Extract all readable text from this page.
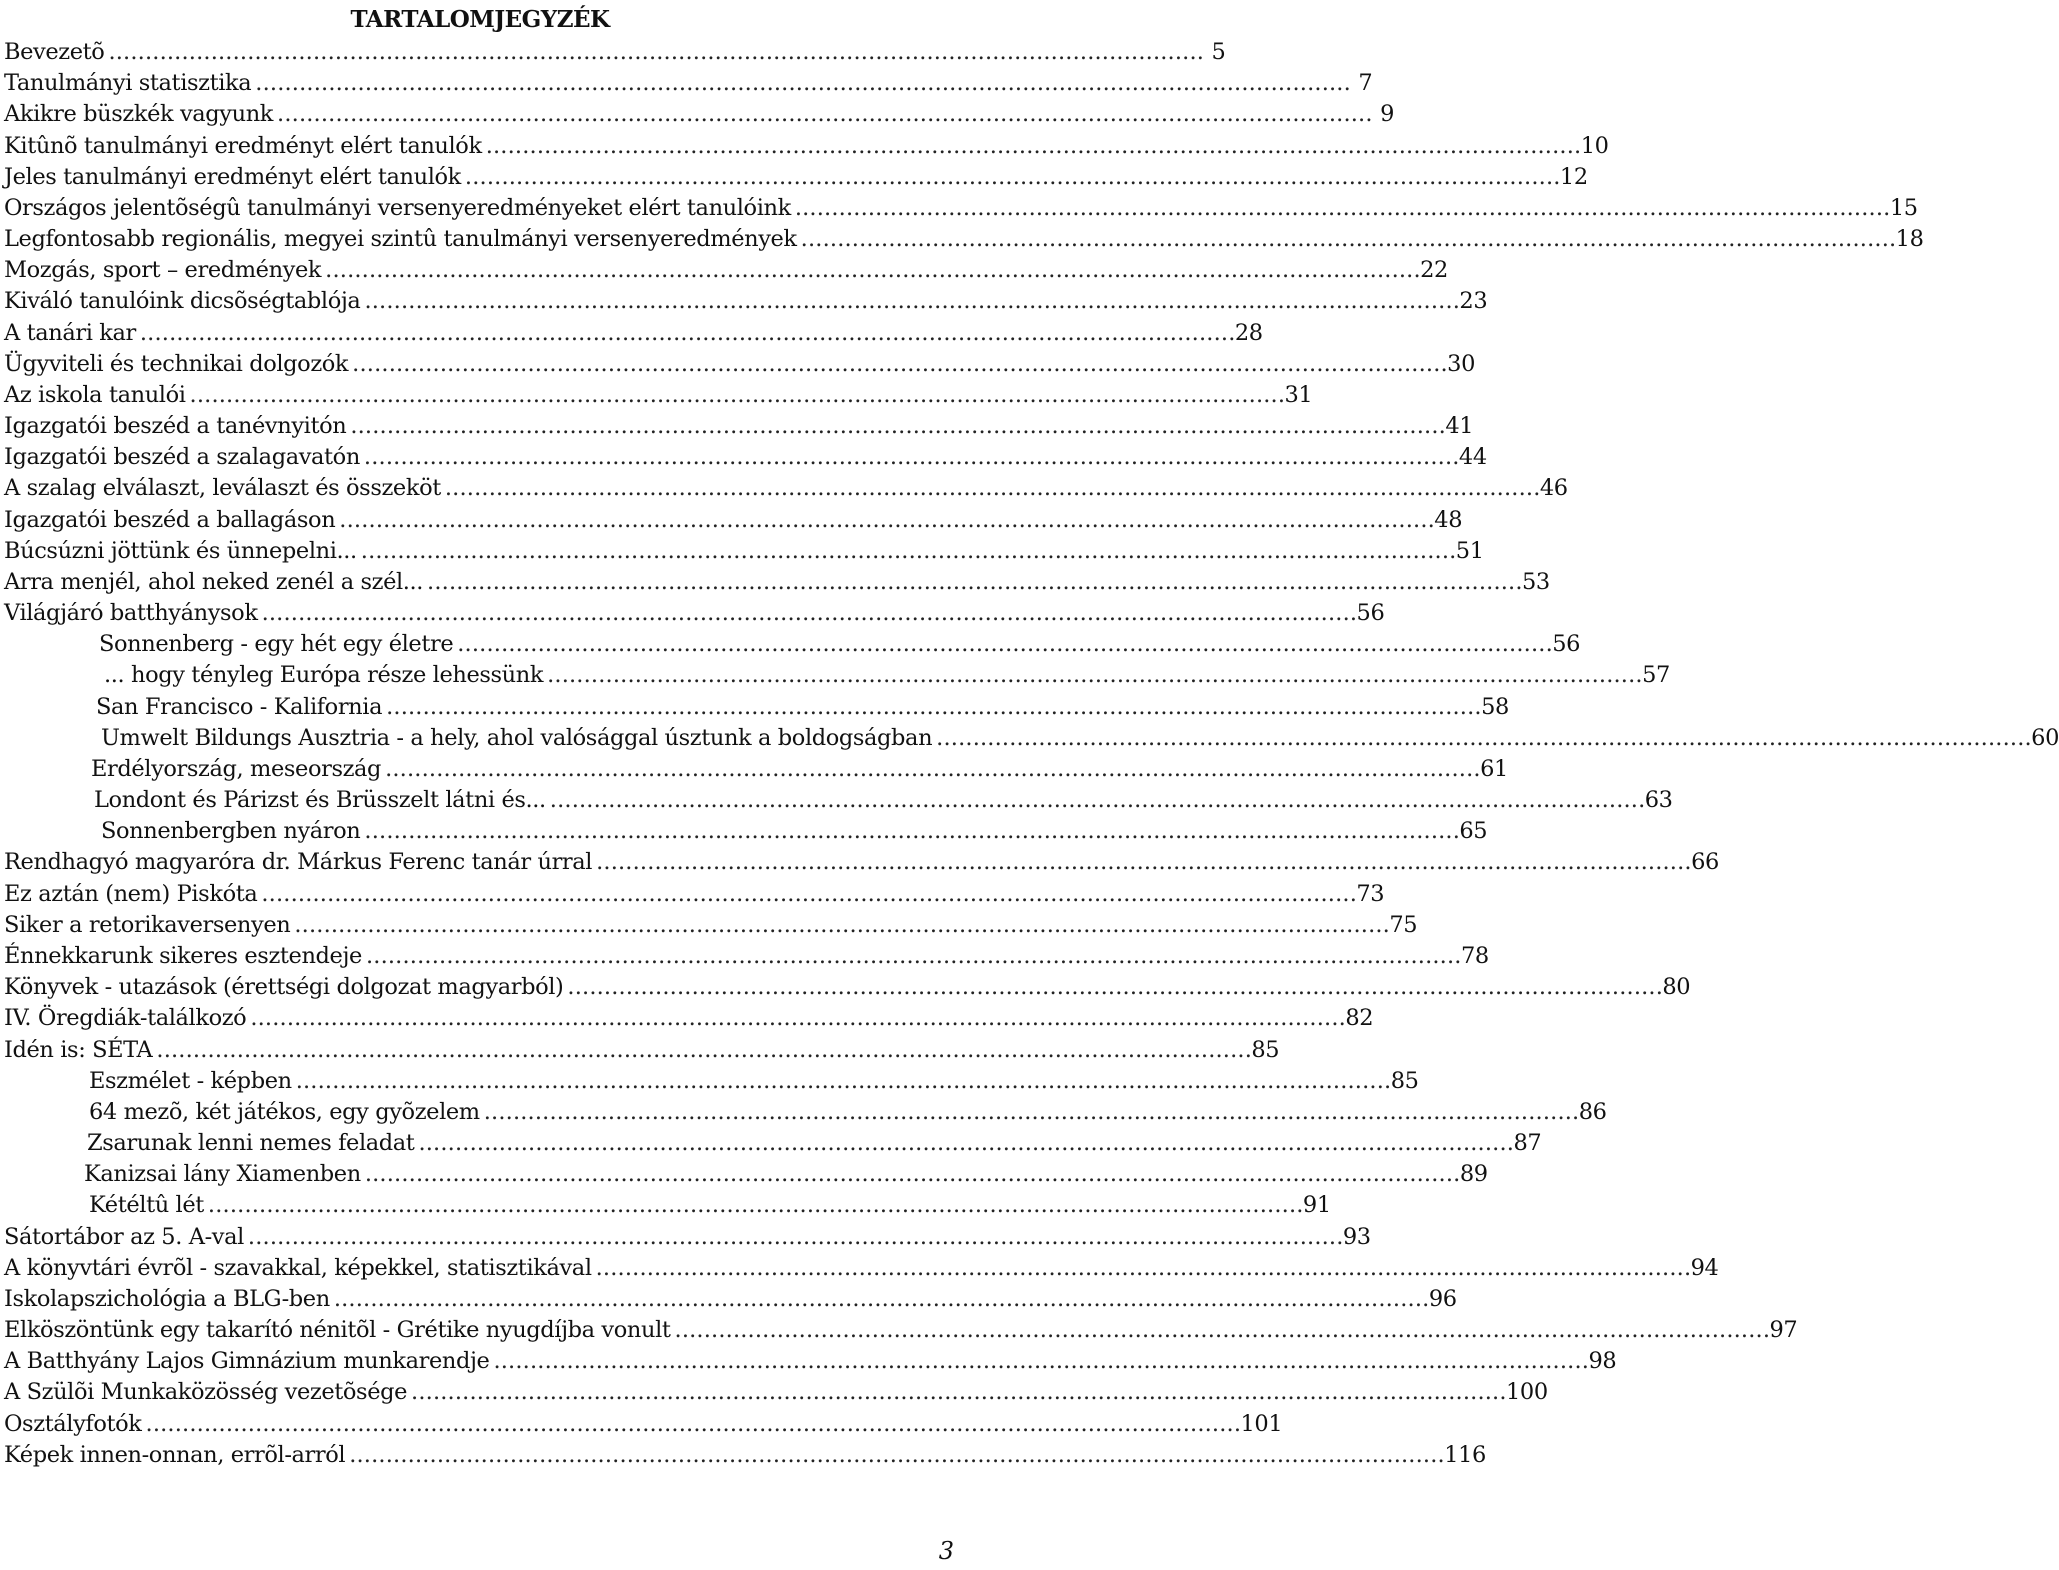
TARTALOMJEGYZÉK
Bevezetõ . . .	5
Tanulmányi statisztika . . .	7
Akikre büszkék vagyunk . . .	9
Kitûnõ tanulmányi eredményt elért tanulók . . .	10
Jeles tanulmányi eredményt elért tanulók . . .	12
Országos jelentõségû tanulmányi versenyeredményeket elért tanulóink . . .	15
Legfontosabb regionális, megyei szintû tanulmányi versenyeredmények . . .	18
Mozgás, sport – eredmények . . .	22
Kiváló tanulóink dicsõségtablója . . .	23
A tanári kar . . .	28
Ügyviteli és technikai dolgozók . . .	30
Az iskola tanulói . . .	31
Igazgatói beszéd a tanévnyitón . . .	41
Igazgatói beszéd a szalagavatón . . .	44
A szalag elválaszt, leválaszt és összeköt . . .	46
Igazgatói beszéd a ballagáson . . .	48
Búcsúzni jöttünk és ünnepelni... . . .	51
Arra menjél, ahol neked zenél a szél... . . .	53
Világjáró batthyánysok . . .	56
Sonnenberg - egy hét egy életre . . .	56
... hogy tényleg Európa része lehessünk . . .	57
San Francisco - Kalifornia . . .	58
Umwelt Bildungs Ausztria - a hely, ahol valósággal úsztunk a boldogságban . . .	60
Erdélyország, meseország . . .	61
Londont és Párizst és Brüsszelt látni és... . . .	63
Sonnenbergben nyáron . . .	65
Rendhagyó magyaróra dr. Márkus Ferenc tanár úrral . . .	66
Ez aztán (nem) Piskóta . . .	73
Siker a retorikaversenyen . . .	75
Énnekkarunk sikeres esztendeje . . .	78
Könyvek - utazások (érettségi dolgozat magyarból) . . .	80
IV. Öregdiák-találkozó . . .	82
Idén is: SÉTA . . .	85
Eszmélet - képben . . .	85
64 mezõ, két játékos, egy gyõzelem . . .	86
Zsarunak lenni nemes feladat . . .	87
Kanizsai lány Xiamenben . . .	89
Kétéltû lét . . .	91
Sátortábor az 5. A-val . . .	93
A könyvtári évrõl - szavakkal, képekkel, statisztikával . . .	94
Iskolapszichológia a BLG-ben . . .	96
Elköszöntünk egy takarító nénitõl - Grétike nyugdíjba vonult . . .	97
A Batthyány Lajos Gimnázium munkarendje . . .	98
A Szülõi Munkaközösség vezetõsége . . .	100
Osztályfotók . . .	101
Képek innen-onnan, errõl-arról . . .	116
3
